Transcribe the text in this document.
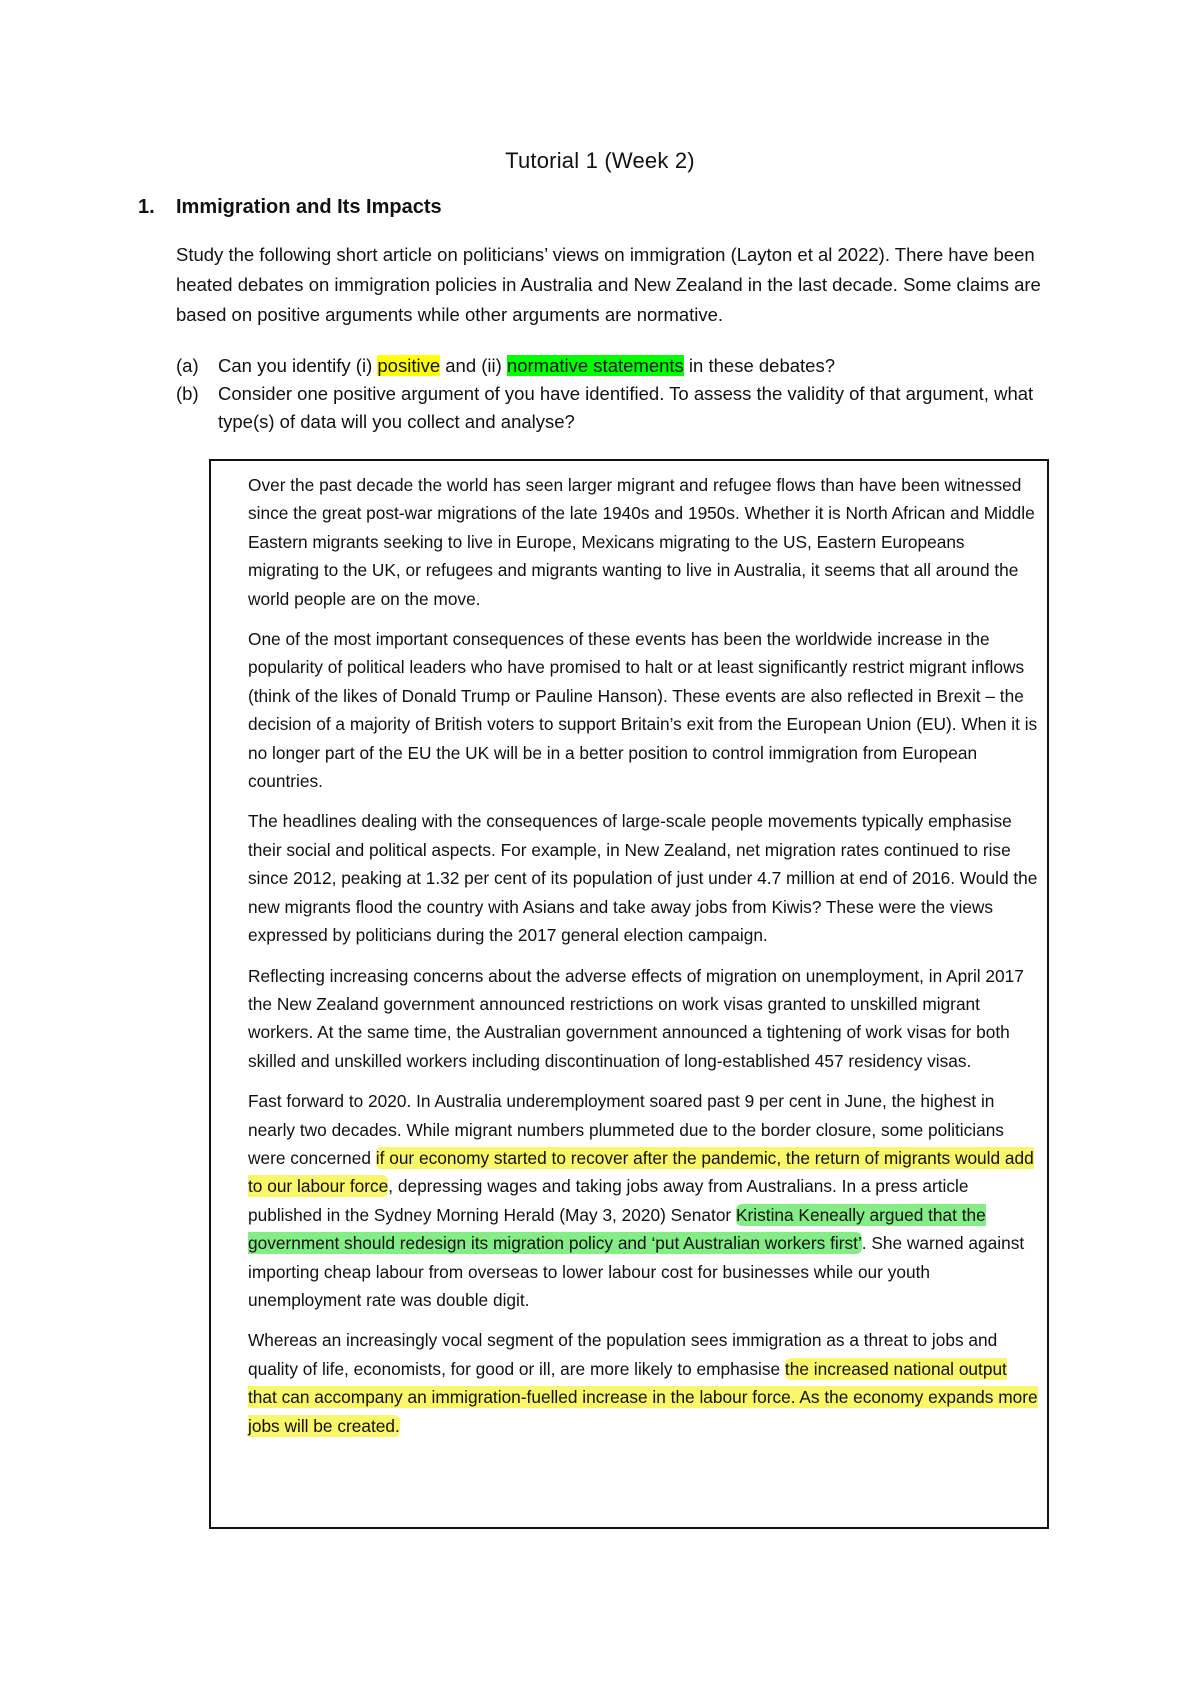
Tutorial 1 (Week 2)
1. Immigration and Its Impacts

Study the following short article on politicians’ views on immigration (Layton et al 2022). There have been heated debates on immigration policies in Australia and New Zealand in the last decade. Some claims are based on positive arguments while other arguments are normative.

(a) Can you identify (i) positive and (ii) normative statements in these debates?

(b) Consider one positive argument of you have identified. To assess the validity of that argument, what type(s) of data will you collect and analyse?

Over the past decade the world has seen larger migrant and refugee flows than have been witnessed since the great post-war migrations of the late 1940s and 1950s. Whether it is North African and Middle Eastern migrants seeking to live in Europe, Mexicans migrating to the US, Eastern Europeans migrating to the UK, or refugees and migrants wanting to live in Australia, it seems that all around the world people are on the move.

One of the most important consequences of these events has been the worldwide increase in the popularity of political leaders who have promised to halt or at least significantly restrict migrant inflows (think of the likes of Donald Trump or Pauline Hanson). These events are also reflected in Brexit – the decision of a majority of British voters to support Britain’s exit from the European Union (EU). When it is no longer part of the EU the UK will be in a better position to control immigration from European countries.

The headlines dealing with the consequences of large-scale people movements typically emphasise their social and political aspects. For example, in New Zealand, net migration rates continued to rise since 2012, peaking at 1.32 per cent of its population of just under 4.7 million at end of 2016. Would the new migrants flood the country with Asians and take away jobs from Kiwis? These were the views expressed by politicians during the 2017 general election campaign.

Reflecting increasing concerns about the adverse effects of migration on unemployment, in April 2017 the New Zealand government announced restrictions on work visas granted to unskilled migrant workers. At the same time, the Australian government announced a tightening of work visas for both skilled and unskilled workers including discontinuation of long-established 457 residency visas.

Fast forward to 2020. In Australia underemployment soared past 9 per cent in June, the highest in nearly two decades. While migrant numbers plummeted due to the border closure, some politicians were concerned if our economy started to recover after the pandemic, the return of migrants would add to our labour force, depressing wages and taking jobs away from Australians. In a press article published in the Sydney Morning Herald (May 3, 2020) Senator Kristina Keneally argued that the government should redesign its migration policy and ‘put Australian workers first’. She warned against importing cheap labour from overseas to lower labour cost for businesses while our youth unemployment rate was double digit.

Whereas an increasingly vocal segment of the population sees immigration as a threat to jobs and quality of life, economists, for good or ill, are more likely to emphasise the increased national output that can accompany an immigration-fuelled increase in the labour force. As the economy expands more jobs will be created.
